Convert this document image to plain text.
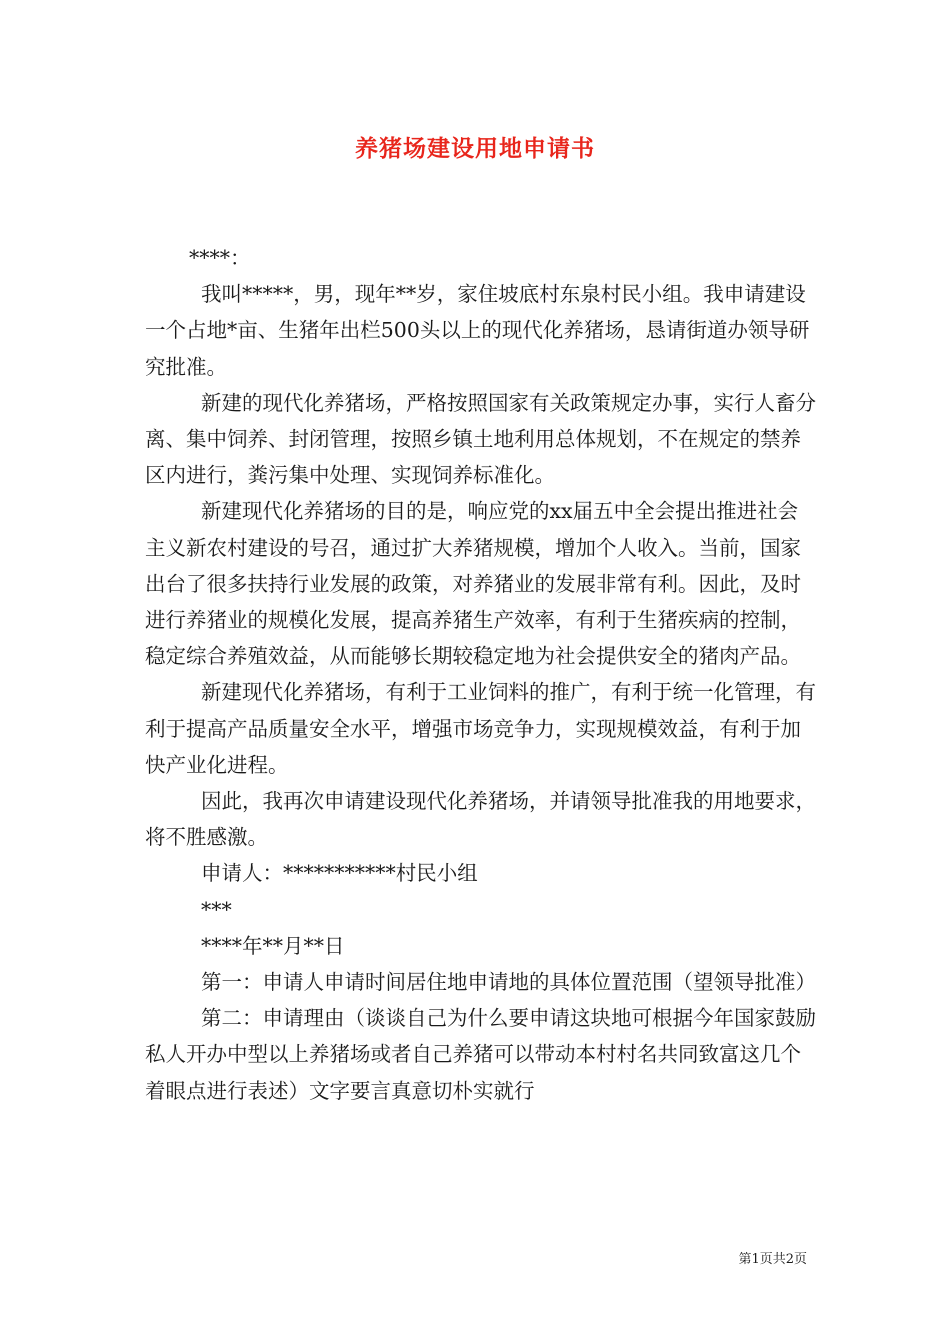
养猪场建设用地申请书

****：

我叫*****，男，现年**岁，家住坡底村东泉村民小组。我申请建设一个占地*亩、生猪年出栏500头以上的现代化养猪场，恳请街道办领导研究批准。

新建的现代化养猪场，严格按照国家有关政策规定办事，实行人畜分离、集中饲养、封闭管理，按照乡镇土地利用总体规划，不在规定的禁养区内进行，粪污集中处理、实现饲养标准化。

新建现代化养猪场的目的是，响应党的xx届五中全会提出推进社会主义新农村建设的号召，通过扩大养猪规模，增加个人收入。当前，国家出台了很多扶持行业发展的政策，对养猪业的发展非常有利。因此，及时进行养猪业的规模化发展，提高养猪生产效率，有利于生猪疾病的控制，稳定综合养殖效益，从而能够长期较稳定地为社会提供安全的猪肉产品。

新建现代化养猪场，有利于工业饲料的推广，有利于统一化管理，有利于提高产品质量安全水平，增强市场竞争力，实现规模效益，有利于加快产业化进程。

因此，我再次申请建设现代化养猪场，并请领导批准我的用地要求，将不胜感激。

申请人：***********村民小组

***

****年**月**日

第一：申请人申请时间居住地申请地的具体位置范围（望领导批准）

第二：申请理由（谈谈自己为什么要申请这块地可根据今年国家鼓励私人开办中型以上养猪场或者自己养猪可以带动本村村名共同致富这几个着眼点进行表述）文字要言真意切朴实就行

第1页共2页
